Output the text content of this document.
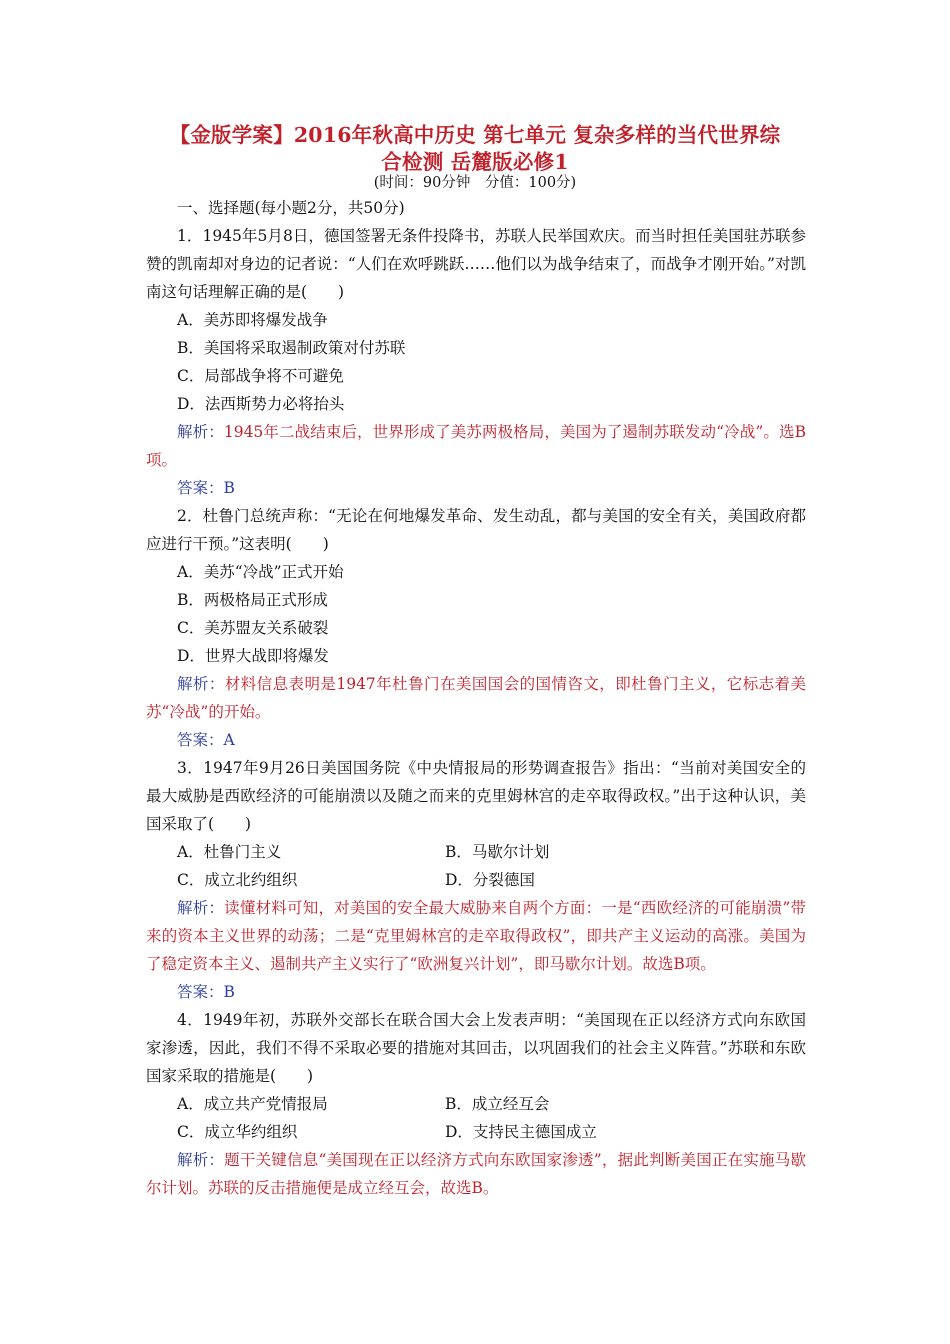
【金版学案】2016年秋高中历史 第七单元 复杂多样的当代世界综
合检测 岳麓版必修1
(时间：90分钟　分值：100分)

一、选择题(每小题2分，共50分)

1．1945年5月8日，德国签署无条件投降书，苏联人民举国欢庆。而当时担任美国驻苏联参赞的凯南却对身边的记者说：“人们在欢呼跳跃……他们以为战争结束了，而战争才刚开始。”对凯南这句话理解正确的是(　　)

A．美苏即将爆发战争

B．美国将采取遏制政策对付苏联

C．局部战争将不可避免

D．法西斯势力必将抬头

解析：1945年二战结束后，世界形成了美苏两极格局，美国为了遏制苏联发动“冷战”。选B项。

答案：B

2．杜鲁门总统声称：“无论在何地爆发革命、发生动乱，都与美国的安全有关，美国政府都应进行干预。”这表明(　　)

A．美苏“冷战”正式开始

B．两极格局正式形成

C．美苏盟友关系破裂

D．世界大战即将爆发

解析：材料信息表明是1947年杜鲁门在美国国会的国情咨文，即杜鲁门主义，它标志着美苏“冷战”的开始。

答案：A

3．1947年9月26日美国国务院《中央情报局的形势调查报告》指出：“当前对美国安全的最大威胁是西欧经济的可能崩溃以及随之而来的克里姆林宫的走卒取得政权。”出于这种认识，美国采取了(　　)

A．杜鲁门主义	B．马歇尔计划

C．成立北约组织	D．分裂德国

解析：读懂材料可知，对美国的安全最大威胁来自两个方面：一是“西欧经济的可能崩溃”带来的资本主义世界的动荡；二是“克里姆林宫的走卒取得政权”，即共产主义运动的高涨。美国为了稳定资本主义、遏制共产主义实行了“欧洲复兴计划”，即马歇尔计划。故选B项。

答案：B

4．1949年初，苏联外交部长在联合国大会上发表声明：“美国现在正以经济方式向东欧国家渗透，因此，我们不得不采取必要的措施对其回击，以巩固我们的社会主义阵营。”苏联和东欧国家采取的措施是(　　)

A．成立共产党情报局	B．成立经互会

C．成立华约组织	D．支持民主德国成立

解析：题干关键信息“美国现在正以经济方式向东欧国家渗透”，据此判断美国正在实施马歇尔计划。苏联的反击措施便是成立经互会，故选B。
